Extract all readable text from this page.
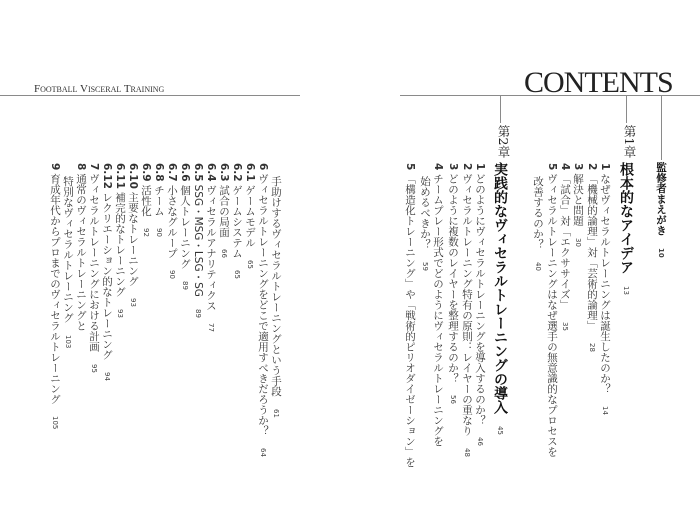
Football Visceral Training	CONTENTS
監修者まえがき10
第1章
第2章
根本的なアイデア13
実践的なヴィセラルトレーニングの導入45
1なぜヴィセラルトレーニングは誕生したのか？14
2「機械的論理」対「芸術的論理」28
3解決と問題30
4「試合」対「エクササイズ」35
5ヴィセラルトレーニングはなぜ選手の無意識的なプロセスを
改善するのか？40
1どのようにヴィセラルトレーニングを導入するのか？46
2ヴィセラルトレーニング特有の原則：レイヤーの重なり48
3どのように複数のレイヤーを整理するのか？56
4チームプレー形式でどのようにヴィセラルトレーニングを
始めるべきか？59
5「構造化トレーニング」や「戦術的ピリオダイゼーション」を
手助けするヴィセラルトレーニングという手段61
6ヴィセラルトレーニングをどこで適用すべきだろうか？64
6.1ゲームモデル65
6.2ゲームシステム65
6.3試合の局面66
6.4ヴィセラルアナリティクス77
6.5SSG・MSG・LSG・SG89
6.6個人トレーニング89
6.7小さなグループ90
6.8チーム90
6.9活性化92
6.10主要なトレーニング93
6.11補完的なトレーニング93
6.12レクリエーション的なトレーニング94
7ヴィセラルトレーニングにおける計画95
8通常のヴィセラルトレーニングと
特別なヴィセラルトレーニング103
9育成年代からプロまでのヴィセラルトレーニング105
